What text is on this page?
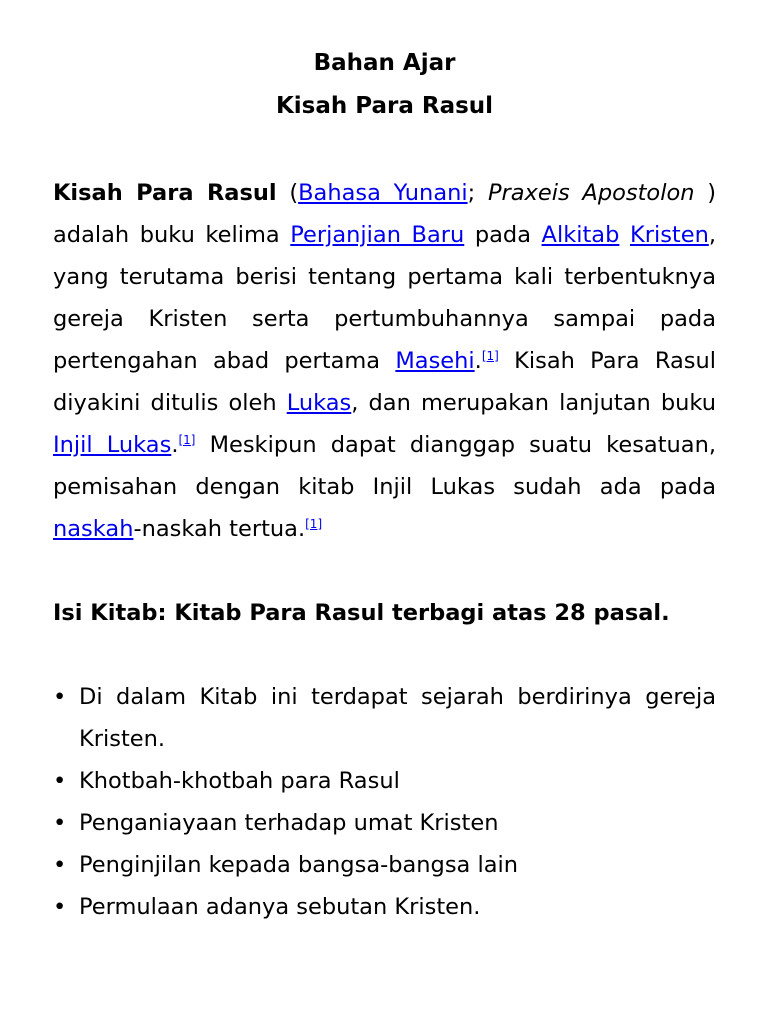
Bahan Ajar
Kisah Para Rasul

Kisah Para Rasul (Bahasa Yunani; Praxeis Apostolon ) adalah buku kelima Perjanjian Baru pada Alkitab Kristen, yang terutama berisi tentang pertama kali terbentuknya gereja Kristen serta pertumbuhannya sampai pada pertengahan abad pertama Masehi.[1] Kisah Para Rasul diyakini ditulis oleh Lukas, dan merupakan lanjutan buku Injil Lukas.[1] Meskipun dapat dianggap suatu kesatuan, pemisahan dengan kitab Injil Lukas sudah ada pada naskah-naskah tertua.[1]

Isi Kitab: Kitab Para Rasul terbagi atas 28 pasal.

• Di dalam Kitab ini terdapat sejarah berdirinya gereja Kristen.
• Khotbah-khotbah para Rasul
• Penganiayaan terhadap umat Kristen
• Penginjilan kepada bangsa-bangsa lain
• Permulaan adanya sebutan Kristen.
